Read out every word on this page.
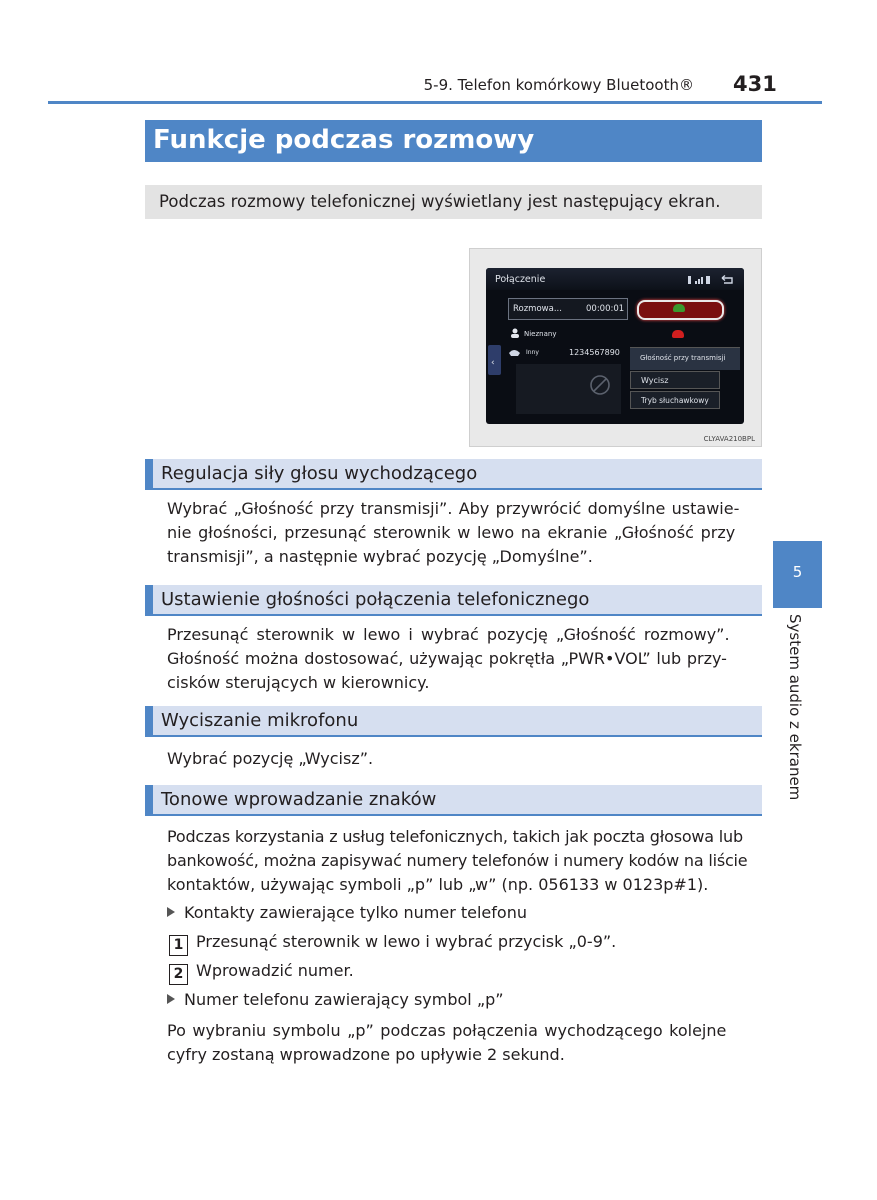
5-9. Telefon komórkowy Bluetooth® 431
Funkcje podczas rozmowy
Podczas rozmowy telefonicznej wyświetlany jest następujący ekran.
Połączenie
Rozmowa...	00:00:01
Nieznany
Inny	1234567890
‹	Głośność przy transmisji
Wycisz
Tryb słuchawkowy
CLYAVA210BPL
Regulacja siły głosu wychodzącego
Wybrać „Głośność przy transmisji”. Aby przywrócić domyślne ustawie-
nie głośności, przesunąć sterownik w lewo na ekranie „Głośność przy
transmisji”, a następnie wybrać pozycję „Domyślne”.
Ustawienie głośności połączenia telefonicznego
Przesunąć sterownik w lewo i wybrać pozycję „Głośność rozmowy”.
Głośność można dostosować, używając pokrętła „PWR•VOL” lub przy-
cisków sterujących w kierownicy.
Wyciszanie mikrofonu
Wybrać pozycję „Wycisz”.
Tonowe wprowadzanie znaków
Podczas korzystania z usług telefonicznych, takich jak poczta głosowa lub
bankowość, można zapisywać numery telefonów i numery kodów na liście
kontaktów, używając symboli „p” lub „w” (np. 056133 w 0123p#1).
Kontakty zawierające tylko numer telefonu
1 Przesunąć sterownik w lewo i wybrać przycisk „0-9”.
2 Wprowadzić numer.
Numer telefonu zawierający symbol „p”
Po wybraniu symbolu „p” podczas połączenia wychodzącego kolejne
cyfry zostaną wprowadzone po upływie 2 sekund.
5
System audio z ekranem
